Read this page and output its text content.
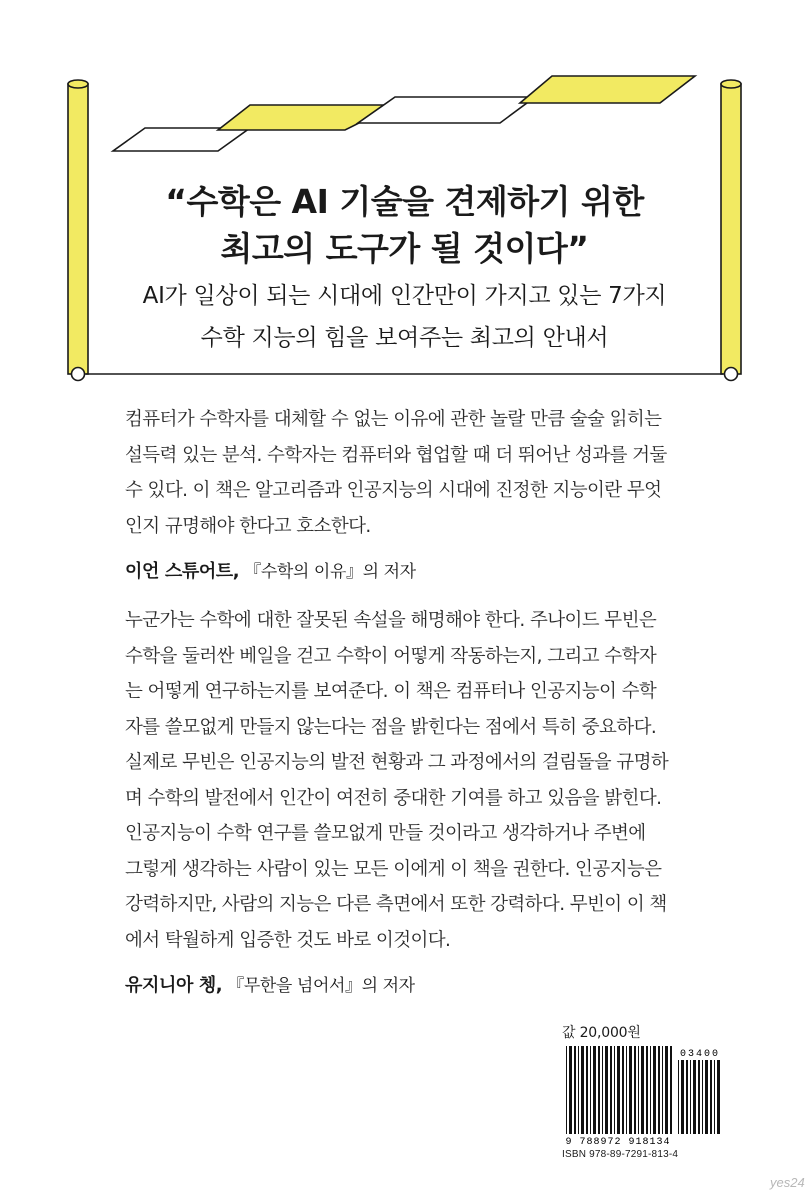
“수학은 AI 기술을 견제하기 위한
최고의 도구가 될 것이다”
AI가 일상이 되는 시대에 인간만이 가지고 있는 7가지
수학 지능의 힘을 보여주는 최고의 안내서
컴퓨터가 수학자를 대체할 수 없는 이유에 관한 놀랄 만큼 술술 읽히는
설득력 있는 분석. 수학자는 컴퓨터와 협업할 때 더 뛰어난 성과를 거둘
수 있다. 이 책은 알고리즘과 인공지능의 시대에 진정한 지능이란 무엇
인지 규명해야 한다고 호소한다.
이언 스튜어트, 『수학의 이유』의 저자
누군가는 수학에 대한 잘못된 속설을 해명해야 한다. 주나이드 무빈은
수학을 둘러싼 베일을 걷고 수학이 어떻게 작동하는지, 그리고 수학자
는 어떻게 연구하는지를 보여준다. 이 책은 컴퓨터나 인공지능이 수학
자를 쓸모없게 만들지 않는다는 점을 밝힌다는 점에서 특히 중요하다.
실제로 무빈은 인공지능의 발전 현황과 그 과정에서의 걸림돌을 규명하
며 수학의 발전에서 인간이 여전히 중대한 기여를 하고 있음을 밝힌다.
인공지능이 수학 연구를 쓸모없게 만들 것이라고 생각하거나 주변에
그렇게 생각하는 사람이 있는 모든 이에게 이 책을 권한다. 인공지능은
강력하지만, 사람의 지능은 다른 측면에서 또한 강력하다. 무빈이 이 책
에서 탁월하게 입증한 것도 바로 이것이다.
유지니아 쳉, 『무한을 넘어서』의 저자
값 20,000원
03400
9 788972 918134
ISBN 978-89-7291-813-4
yes24
